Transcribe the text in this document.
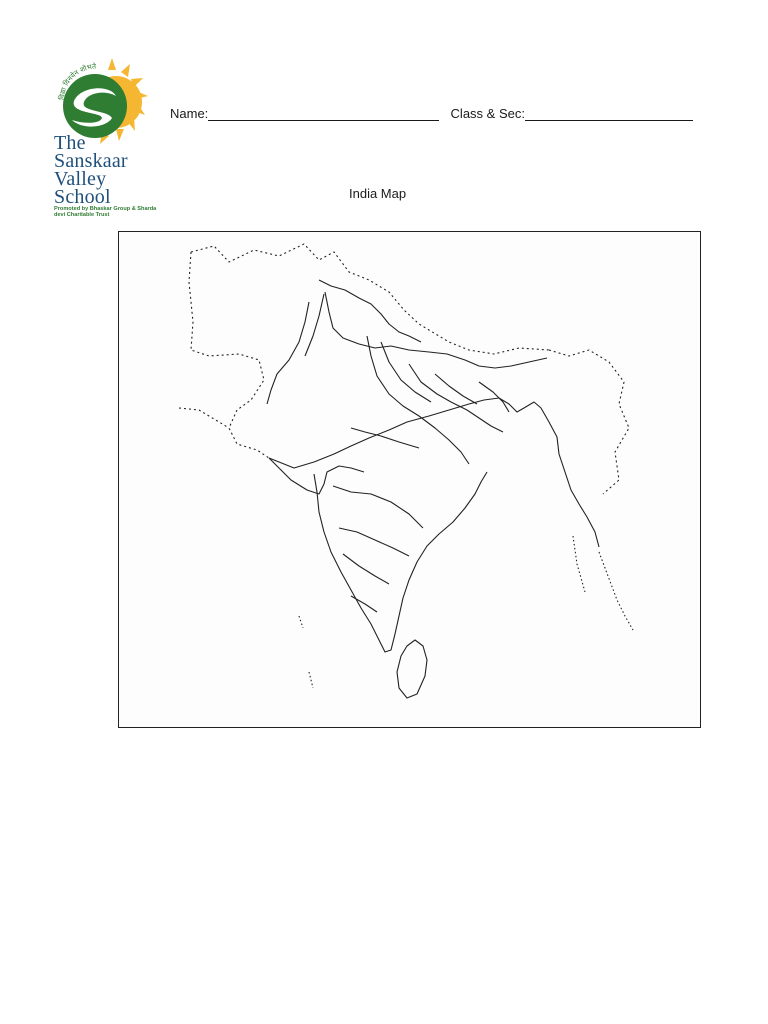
विद्या विनयेन शोभते
The
Sanskaar
Valley
School
Promoted by Bhaskar Group & Sharda devi Charitable Trust
Name:	Class & Sec:
India Map
